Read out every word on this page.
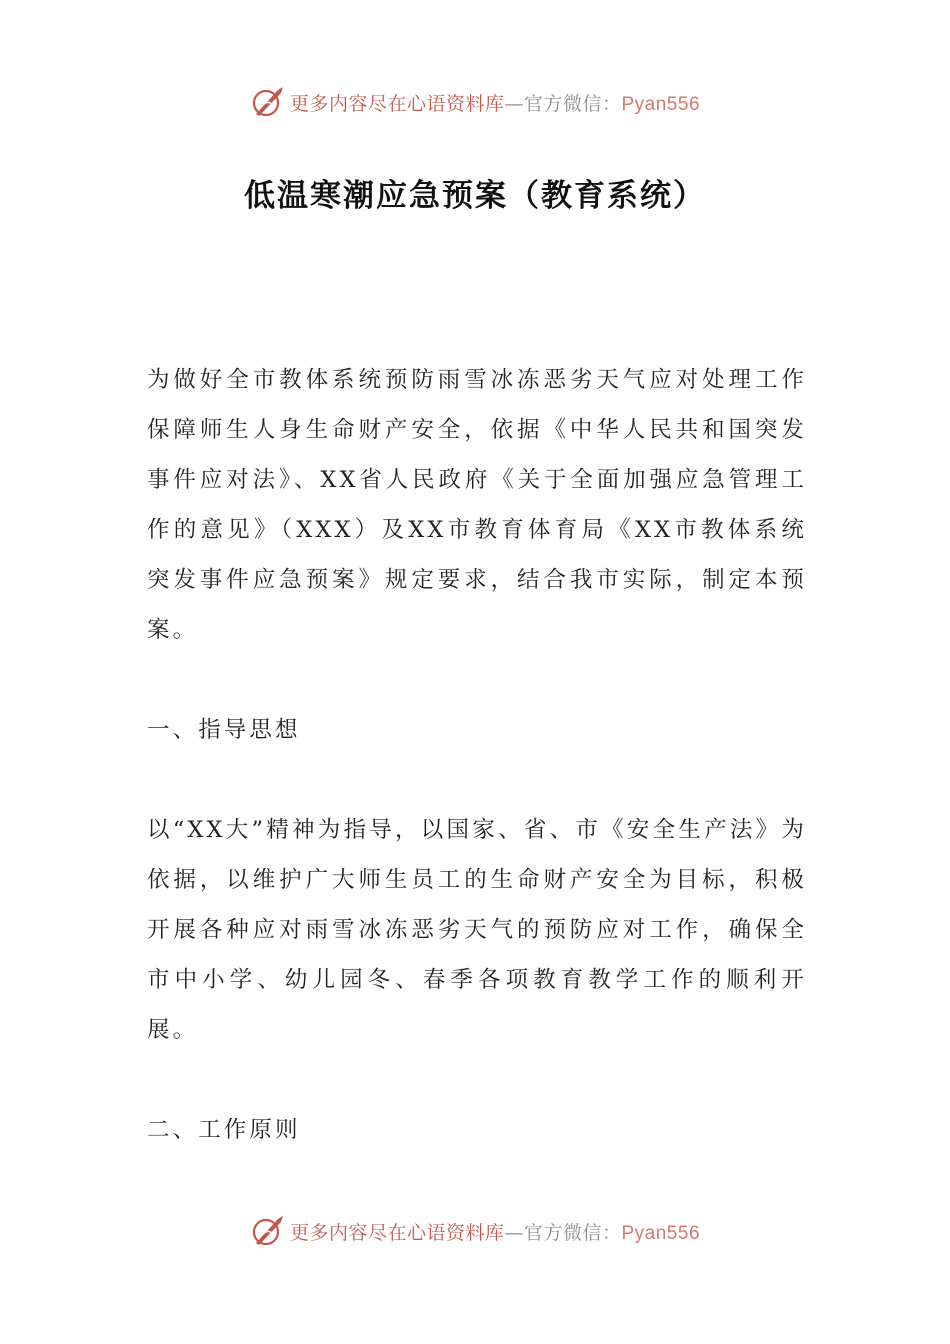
更多内容尽在心语资料库—官方微信：Pyan556
低温寒潮应急预案（教育系统）

为做好全市教体系统预防雨雪冰冻恶劣天气应对处理工作保障师生人身生命财产安全，依据《中华人民共和国突发事件应对法》、XX省人民政府《关于全面加强应急管理工作的意见》（XXX）及XX市教育体育局《XX市教体系统突发事件应急预案》规定要求，结合我市实际，制定本预案。

一、指导思想

以“XX大”精神为指导，以国家、省、市《安全生产法》为依据，以维护广大师生员工的生命财产安全为目标，积极开展各种应对雨雪冰冻恶劣天气的预防应对工作，确保全市中小学、幼儿园冬、春季各项教育教学工作的顺利开展。

二、工作原则

更多内容尽在心语资料库—官方微信：Pyan556
